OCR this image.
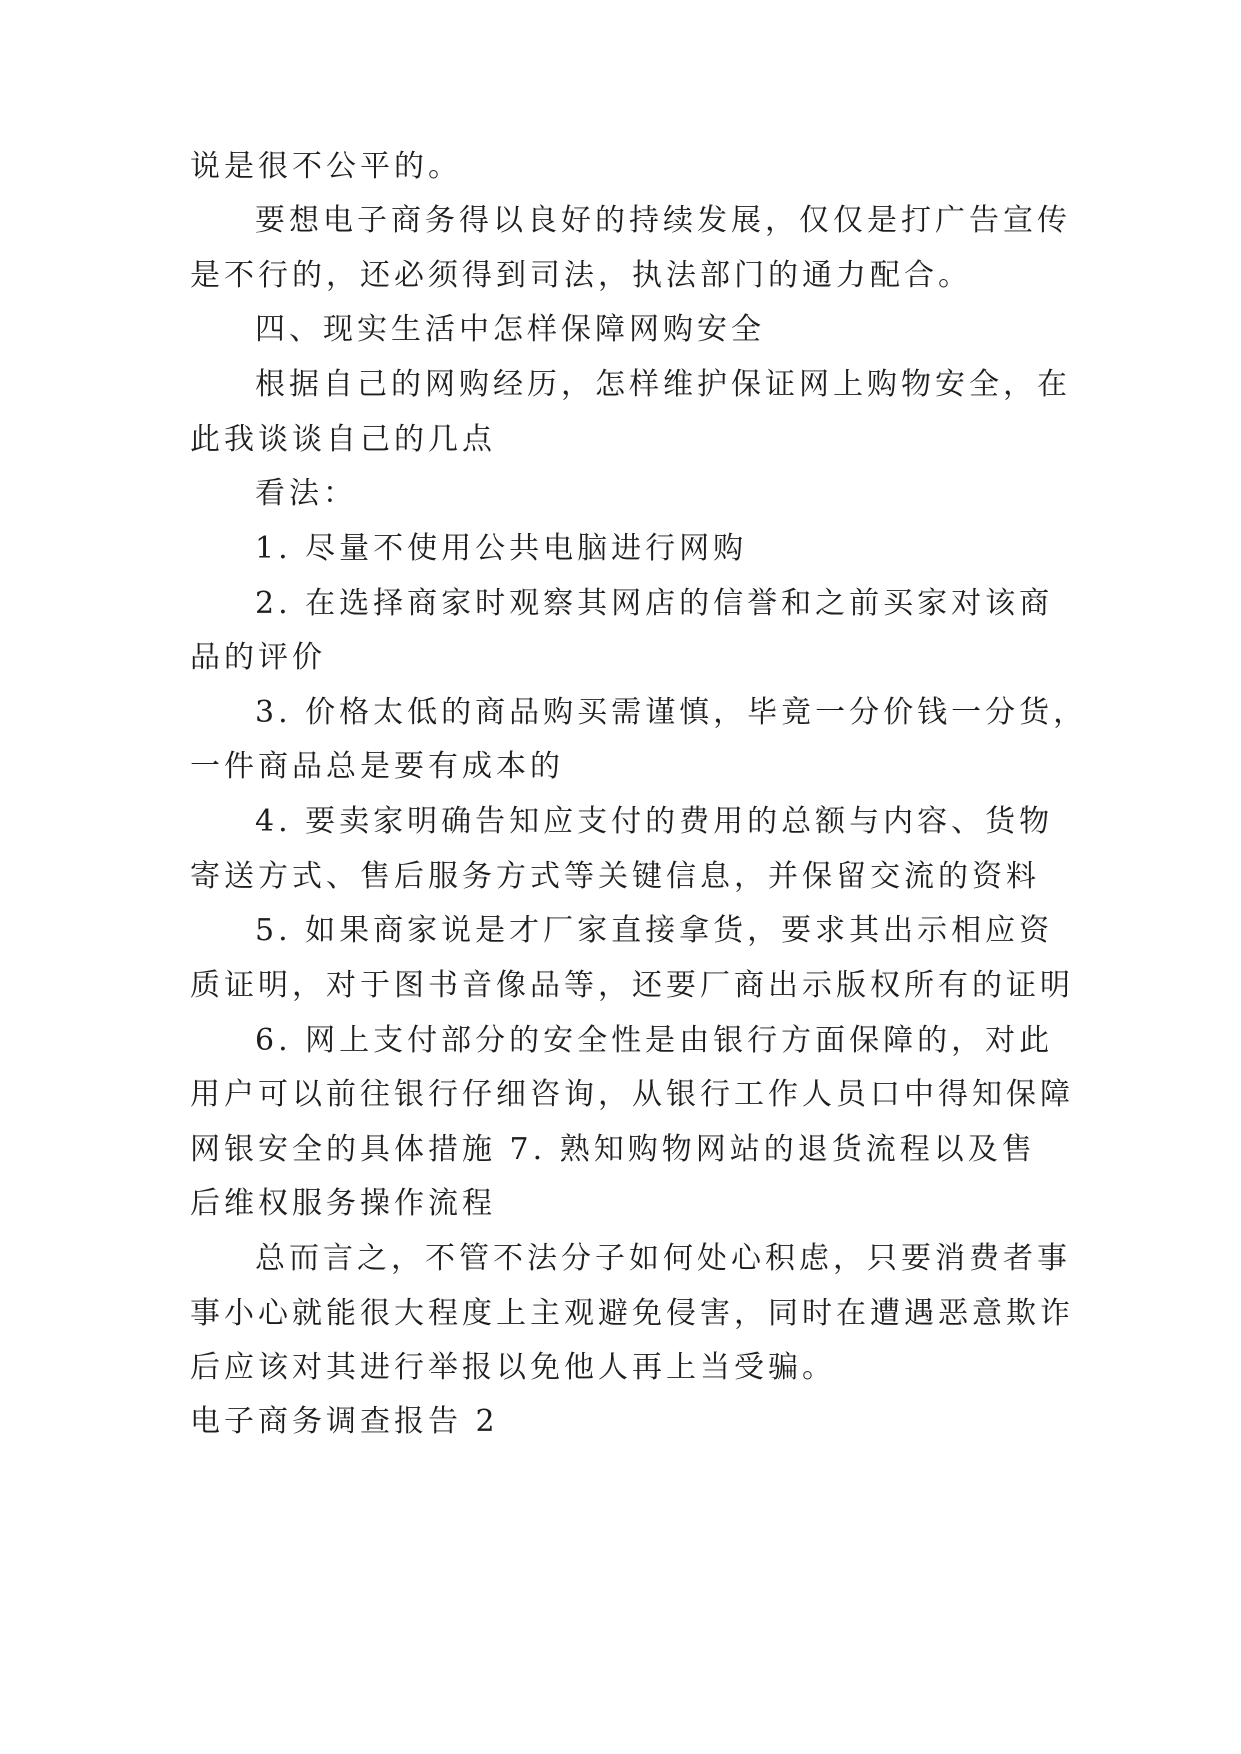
说是很不公平的。
要想电子商务得以良好的持续发展，仅仅是打广告宣传
是不行的，还必须得到司法，执法部门的通力配合。
四、现实生活中怎样保障网购安全
根据自己的网购经历，怎样维护保证网上购物安全，在
此我谈谈自己的几点
看法：
1. 尽量不使用公共电脑进行网购
2. 在选择商家时观察其网店的信誉和之前买家对该商
品的评价
3. 价格太低的商品购买需谨慎，毕竟一分价钱一分货，
一件商品总是要有成本的
4. 要卖家明确告知应支付的费用的总额与内容、货物
寄送方式、售后服务方式等关键信息，并保留交流的资料
5. 如果商家说是才厂家直接拿货，要求其出示相应资
质证明，对于图书音像品等，还要厂商出示版权所有的证明
6. 网上支付部分的安全性是由银行方面保障的，对此
用户可以前往银行仔细咨询，从银行工作人员口中得知保障
网银安全的具体措施 7. 熟知购物网站的退货流程以及售
后维权服务操作流程
总而言之，不管不法分子如何处心积虑，只要消费者事
事小心就能很大程度上主观避免侵害，同时在遭遇恶意欺诈
后应该对其进行举报以免他人再上当受骗。
电子商务调查报告 2
